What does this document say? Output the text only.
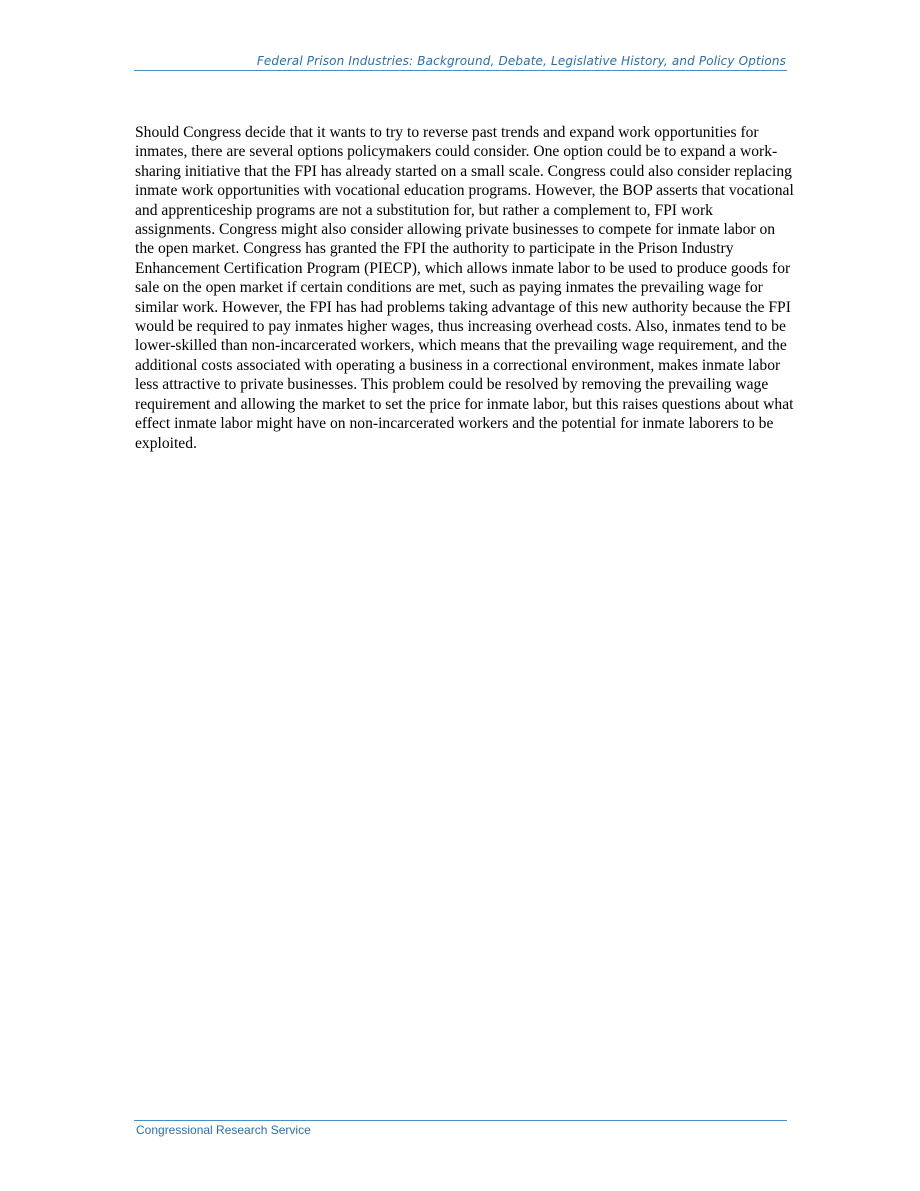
Federal Prison Industries: Background, Debate, Legislative History, and Policy Options

Should Congress decide that it wants to try to reverse past trends and expand work opportunities for inmates, there are several options policymakers could consider. One option could be to expand a work-sharing initiative that the FPI has already started on a small scale. Congress could also consider replacing inmate work opportunities with vocational education programs. However, the BOP asserts that vocational and apprenticeship programs are not a substitution for, but rather a complement to, FPI work assignments. Congress might also consider allowing private businesses to compete for inmate labor on the open market. Congress has granted the FPI the authority to participate in the Prison Industry Enhancement Certification Program (PIECP), which allows inmate labor to be used to produce goods for sale on the open market if certain conditions are met, such as paying inmates the prevailing wage for similar work. However, the FPI has had problems taking advantage of this new authority because the FPI would be required to pay inmates higher wages, thus increasing overhead costs. Also, inmates tend to be lower-skilled than non-incarcerated workers, which means that the prevailing wage requirement, and the additional costs associated with operating a business in a correctional environment, makes inmate labor less attractive to private businesses. This problem could be resolved by removing the prevailing wage requirement and allowing the market to set the price for inmate labor, but this raises questions about what effect inmate labor might have on non-incarcerated workers and the potential for inmate laborers to be exploited.

Congressional Research Service
